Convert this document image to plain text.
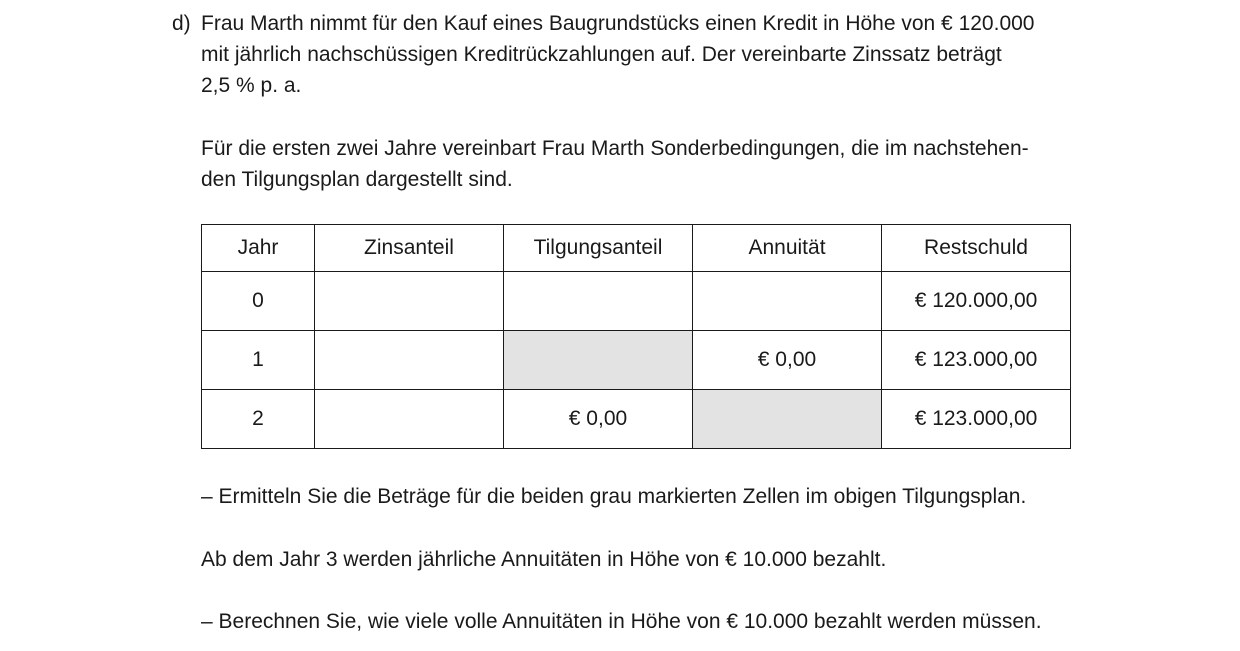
d) Frau Marth nimmt für den Kauf eines Baugrundstücks einen Kredit in Höhe von € 120.000
mit jährlich nachschüssigen Kreditrückzahlungen auf. Der vereinbarte Zinssatz beträgt
2,5 % p. a.
Für die ersten zwei Jahre vereinbart Frau Marth Sonderbedingungen, die im nachstehen-
den Tilgungsplan dargestellt sind.
Jahr	Zinsanteil	Tilgungsanteil	Annuität	Restschuld
0				€ 120.000,00
1			€ 0,00	€ 123.000,00
2		€ 0,00		€ 123.000,00
– Ermitteln Sie die Beträge für die beiden grau markierten Zellen im obigen Tilgungsplan.
Ab dem Jahr 3 werden jährliche Annuitäten in Höhe von € 10.000 bezahlt.
– Berechnen Sie, wie viele volle Annuitäten in Höhe von € 10.000 bezahlt werden müssen.
